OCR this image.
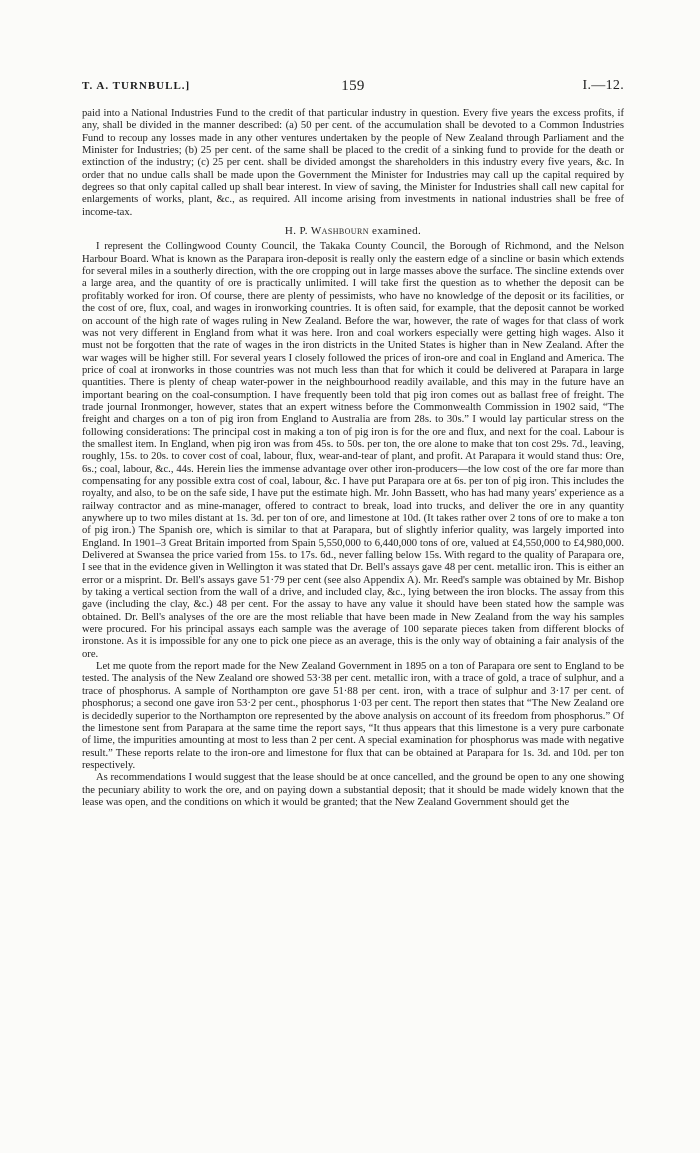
T. A. TURNBULL.]	159	I.—12.

paid into a National Industries Fund to the credit of that particular industry in question. Every five years the excess profits, if any, shall be divided in the manner described: (a) 50 per cent. of the accumulation shall be devoted to a Common Industries Fund to recoup any losses made in any other ventures undertaken by the people of New Zealand through Parliament and the Minister for Industries; (b) 25 per cent. of the same shall be placed to the credit of a sinking fund to provide for the death or extinction of the industry; (c) 25 per cent. shall be divided amongst the shareholders in this industry every five years, &c. In order that no undue calls shall be made upon the Government the Minister for Industries may call up the capital required by degrees so that only capital called up shall bear interest. In view of saving, the Minister for Industries shall call new capital for enlargements of works, plant, &c., as required. All income arising from investments in national industries shall be free of income-tax.

H. P. Washbourn examined.

I represent the Collingwood County Council, the Takaka County Council, the Borough of Richmond, and the Nelson Harbour Board. What is known as the Parapara iron-deposit is really only the eastern edge of a sincline or basin which extends for several miles in a southerly direction, with the ore cropping out in large masses above the surface. The sincline extends over a large area, and the quantity of ore is practically unlimited. I will take first the question as to whether the deposit can be profitably worked for iron. Of course, there are plenty of pessimists, who have no knowledge of the deposit or its facilities, or the cost of ore, flux, coal, and wages in ironworking countries. It is often said, for example, that the deposit cannot be worked on account of the high rate of wages ruling in New Zealand. Before the war, however, the rate of wages for that class of work was not very different in England from what it was here. Iron and coal workers especially were getting high wages. Also it must not be forgotten that the rate of wages in the iron districts in the United States is higher than in New Zealand. After the war wages will be higher still. For several years I closely followed the prices of iron-ore and coal in England and America. The price of coal at ironworks in those countries was not much less than that for which it could be delivered at Parapara in large quantities. There is plenty of cheap water-power in the neighbourhood readily available, and this may in the future have an important bearing on the coal-consumption. I have frequently been told that pig iron comes out as ballast free of freight. The trade journal Ironmonger, however, states that an expert witness before the Commonwealth Commission in 1902 said, “The freight and charges on a ton of pig iron from England to Australia are from 28s. to 30s.” I would lay particular stress on the following considerations: The principal cost in making a ton of pig iron is for the ore and flux, and next for the coal. Labour is the smallest item. In England, when pig iron was from 45s. to 50s. per ton, the ore alone to make that ton cost 29s. 7d., leaving, roughly, 15s. to 20s. to cover cost of coal, labour, flux, wear-and-tear of plant, and profit. At Parapara it would stand thus: Ore, 6s.; coal, labour, &c., 44s. Herein lies the immense advantage over other iron-producers—the low cost of the ore far more than compensating for any possible extra cost of coal, labour, &c. I have put Parapara ore at 6s. per ton of pig iron. This includes the royalty, and also, to be on the safe side, I have put the estimate high. Mr. John Bassett, who has had many years' experience as a railway contractor and as mine-manager, offered to contract to break, load into trucks, and deliver the ore in any quantity anywhere up to two miles distant at 1s. 3d. per ton of ore, and limestone at 10d. (It takes rather over 2 tons of ore to make a ton of pig iron.) The Spanish ore, which is similar to that at Parapara, but of slightly inferior quality, was largely imported into England. In 1901–3 Great Britain imported from Spain 5,550,000 to 6,440,000 tons of ore, valued at £4,550,000 to £4,980,000. Delivered at Swansea the price varied from 15s. to 17s. 6d., never falling below 15s. With regard to the quality of Parapara ore, I see that in the evidence given in Wellington it was stated that Dr. Bell's assays gave 48 per cent. metallic iron. This is either an error or a misprint. Dr. Bell's assays gave 51·79 per cent (see also Appendix A). Mr. Reed's sample was obtained by Mr. Bishop by taking a vertical section from the wall of a drive, and included clay, &c., lying between the iron blocks. The assay from this gave (including the clay, &c.) 48 per cent. For the assay to have any value it should have been stated how the sample was obtained. Dr. Bell's analyses of the ore are the most reliable that have been made in New Zealand from the way his samples were procured. For his principal assays each sample was the average of 100 separate pieces taken from different blocks of ironstone. As it is impossible for any one to pick one piece as an average, this is the only way of obtaining a fair analysis of the ore.

Let me quote from the report made for the New Zealand Government in 1895 on a ton of Parapara ore sent to England to be tested. The analysis of the New Zealand ore showed 53·38 per cent. metallic iron, with a trace of gold, a trace of sulphur, and a trace of phosphorus. A sample of Northampton ore gave 51·88 per cent. iron, with a trace of sulphur and 3·17 per cent. of phosphorus; a second one gave iron 53·2 per cent., phosphorus 1·03 per cent. The report then states that “The New Zealand ore is decidedly superior to the Northampton ore represented by the above analysis on account of its freedom from phosphorus.” Of the limestone sent from Parapara at the same time the report says, “It thus appears that this limestone is a very pure carbonate of lime, the impurities amounting at most to less than 2 per cent. A special examination for phosphorus was made with negative result.” These reports relate to the iron-ore and limestone for flux that can be obtained at Parapara for 1s. 3d. and 10d. per ton respectively.

As recommendations I would suggest that the lease should be at once cancelled, and the ground be open to any one showing the pecuniary ability to work the ore, and on paying down a substantial deposit; that it should be made widely known that the lease was open, and the conditions on which it would be granted; that the New Zealand Government should get the
